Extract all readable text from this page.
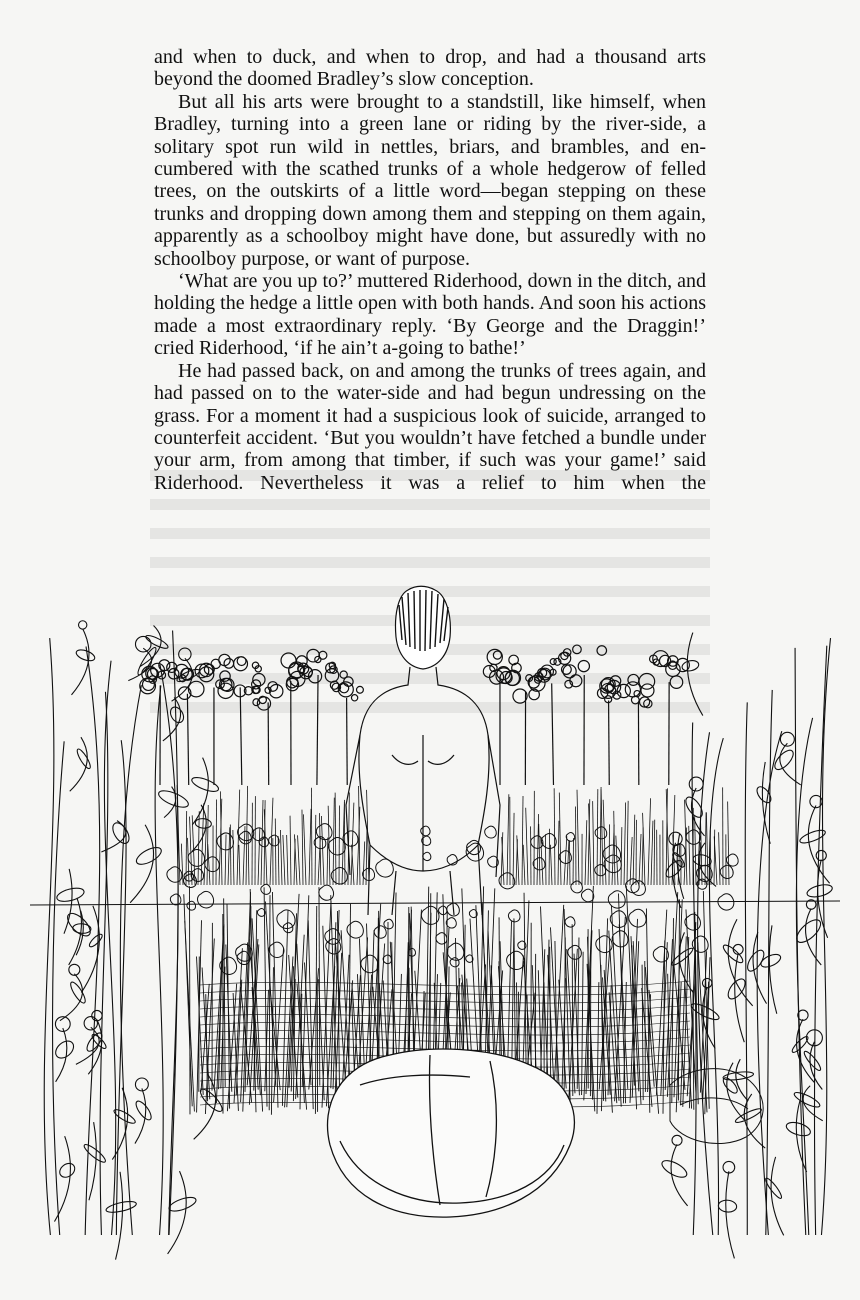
and when to duck, and when to drop, and had a thousand arts beyond the doomed Bradley’s slow conception.

But all his arts were brought to a standstill, like himself, when Bradley, turning into a green lane or riding by the river-side, a solitary spot run wild in nettles, briars, and brambles, and en-cumbered with the scathed trunks of a whole hedgerow of felled trees, on the outskirts of a little word—began stepping on these trunks and dropping down among them and stepping on them again, apparently as a schoolboy might have done, but assuredly with no schoolboy purpose, or want of purpose.

‘What are you up to?’ muttered Riderhood, down in the ditch, and holding the hedge a little open with both hands. And soon his actions made a most extraordinary reply. ‘By George and the Draggin!’ cried Riderhood, ‘if he ain’t a-going to bathe!’

He had passed back, on and among the trunks of trees again, and had passed on to the water-side and had begun undressing on the grass. For a moment it had a suspicious look of suicide, arranged to counterfeit accident. ‘But you wouldn’t have fetched a bundle under your arm, from among that timber, if such was your game!’ said Riderhood. Nevertheless it was a relief to him when the
